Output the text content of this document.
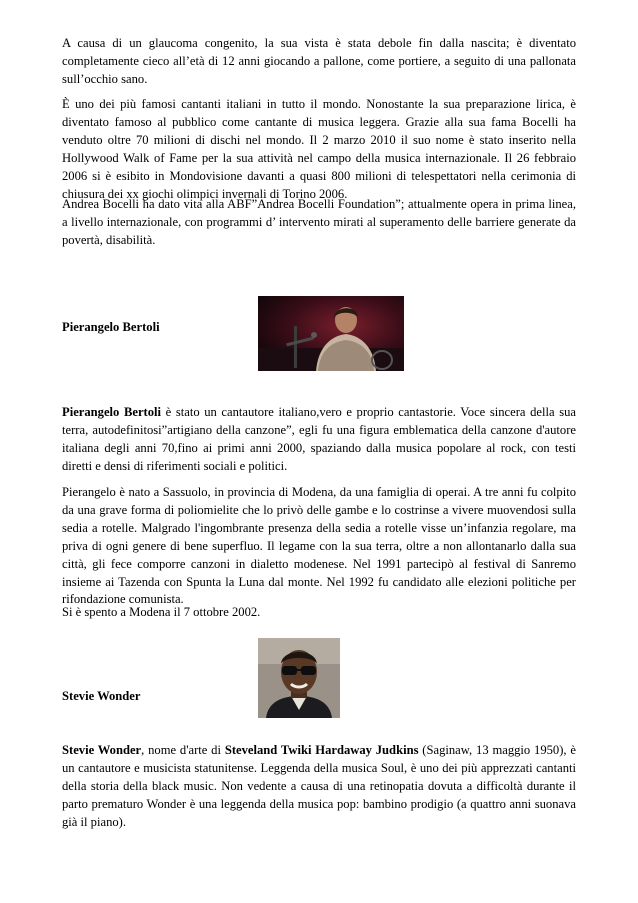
A causa di un glaucoma congenito, la sua vista è stata debole fin dalla nascita; è diventato completamente cieco all’età di 12 anni giocando a pallone, come portiere, a seguito di una pallonata sull’occhio sano.

È uno dei più famosi cantanti italiani in tutto il mondo. Nonostante la sua preparazione lirica, è diventato famoso al pubblico come cantante di musica leggera. Grazie alla sua fama Bocelli ha venduto oltre 70 milioni di dischi nel mondo. Il 2 marzo 2010 il suo nome è stato inserito nella Hollywood Walk of Fame per la sua attività nel campo della musica internazionale. Il 26 febbraio 2006 si è esibito in Mondovisione davanti a quasi 800 milioni di telespettatori nella cerimonia di chiusura dei xx giochi olimpici invernali di Torino 2006.

Andrea Bocelli ha dato vita alla ABF”Andrea Bocelli Foundation”; attualmente opera in prima linea, a livello internazionale, con programmi d’ intervento mirati al superamento delle barriere generate da povertà, disabilità.

Pierangelo Bertoli

Pierangelo Bertoli è stato un cantautore italiano,vero e proprio cantastorie. Voce sincera della sua terra, autodefinitosi”artigiano della canzone”, egli fu una figura emblematica della canzone d'autore italiana degli anni 70,fino ai primi anni 2000, spaziando dalla musica popolare al rock, con testi diretti e densi di riferimenti sociali e politici.

Pierangelo è nato a Sassuolo, in provincia di Modena, da una famiglia di operai. A tre anni fu colpito da una grave forma di poliomielite che lo privò delle gambe e lo costrinse a vivere muovendosi sulla sedia a rotelle. Malgrado l'ingombrante presenza della sedia a rotelle visse un’infanzia regolare, ma priva di ogni genere di bene superfluo. Il legame con la sua terra, oltre a non allontanarlo dalla sua città, gli fece comporre canzoni in dialetto modenese. Nel 1991 partecipò al festival di Sanremo insieme ai Tazenda con Spunta la Luna dal monte. Nel 1992 fu candidato alle elezioni politiche per rifondazione comunista.

Si è spento a Modena il 7 ottobre 2002.

Stevie Wonder

Stevie Wonder, nome d'arte di Steveland Twiki Hardaway Judkins (Saginaw, 13 maggio 1950), è un cantautore e musicista statunitense. Leggenda della musica Soul, è uno dei più apprezzati cantanti della storia della black music. Non vedente a causa di una retinopatia dovuta a difficoltà durante il parto prematuro Wonder è una leggenda della musica pop: bambino prodigio (a quattro anni suonava già il piano).
